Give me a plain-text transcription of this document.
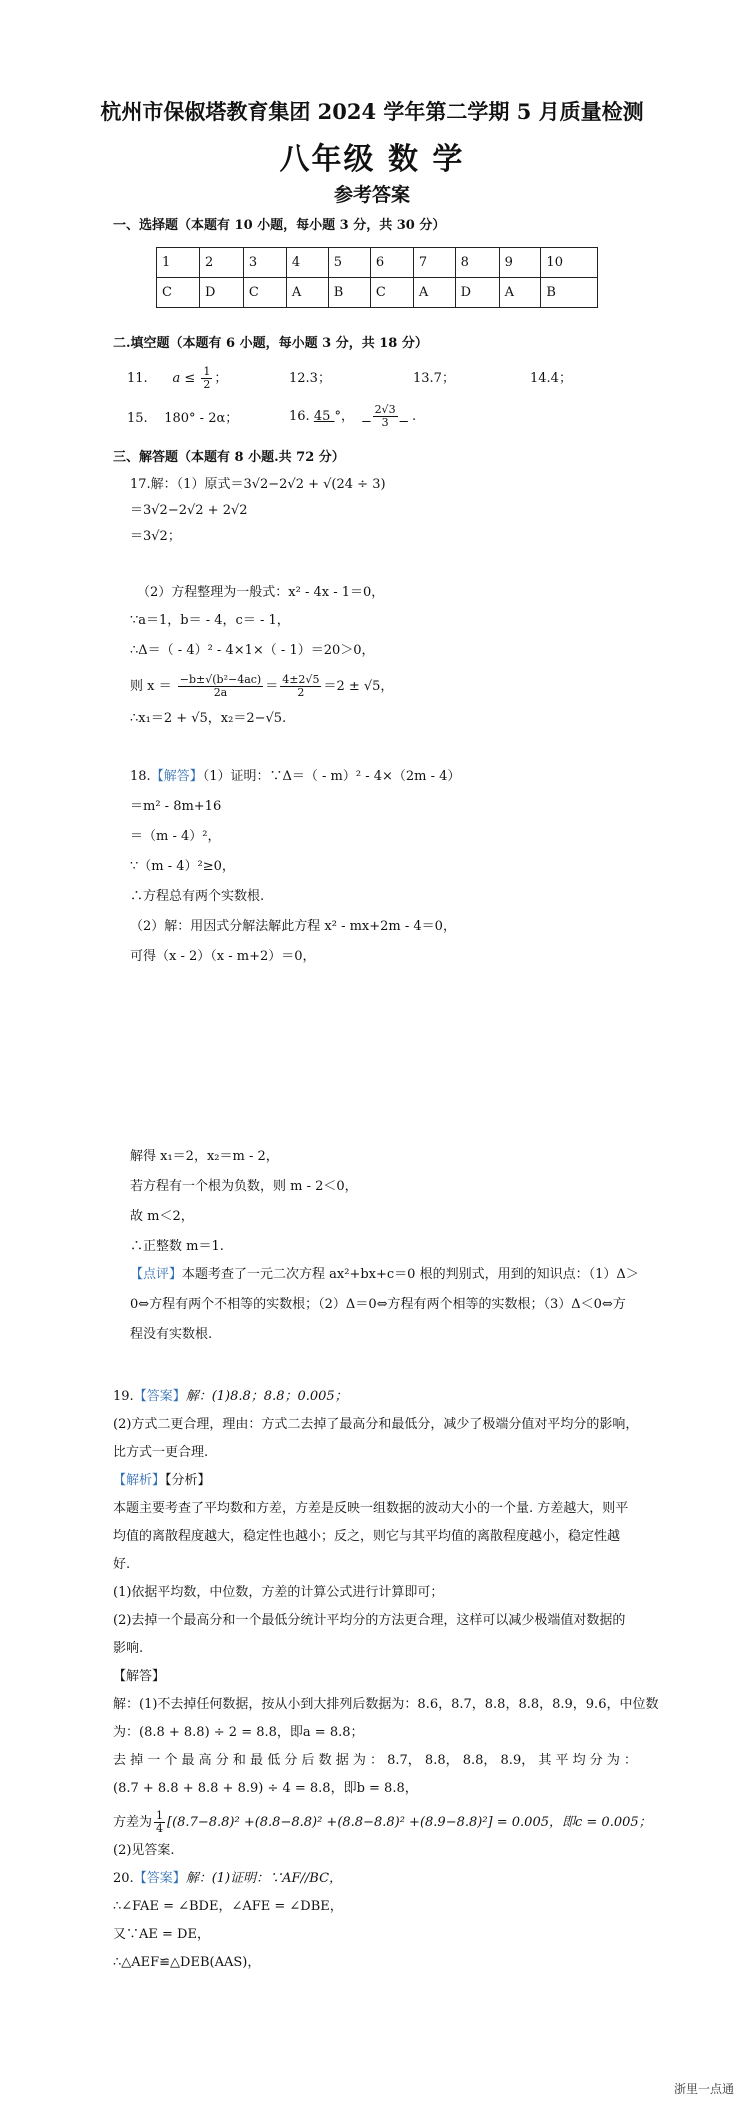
杭州市保俶塔教育集团 2024 学年第二学期 5 月质量检测
八年级 数 学
参考答案
一、选择题（本题有 10 小题，每小题 3 分，共 30 分）
1	2	3	4	5	6	7	8	9	10
C	D	C	A	B	C	A	D	A	B
二.填空题（本题有 6 小题，每小题 3 分，共 18 分）
11. $a \le \frac{1}{2}$ ；	12.3；	13.7；	14.4；
15. 180° - 2α；	16. 45 °， $\frac{2√3}{3}$ .
三、解答题（本题有 8 小题.共 72 分）
17.解：（1）原式＝3√2−2√2 + √(24 ÷ 3)
＝3√2−2√2 + 2√2
＝3√2；
（2）方程整理为一般式：x² - 4x - 1＝0，
∵a＝1，b＝ - 4，c＝ - 1，
∴Δ＝（ - 4）² - 4×1×（ - 1）＝20＞0，
则 $x = \frac{\text{−b±√(b²−4ac)}}{2a} = \frac{4\pm 2√5}{2} =2 \pm √5$，
∴x₁＝2 + √5，x₂＝2−√5.
18.【解答】（1）证明：∵Δ＝（ - m）² - 4×（2m - 4）
＝m² - 8m+16
＝（m - 4）²，
∵（m - 4）²≥0，
∴方程总有两个实数根.
（2）解：用因式分解法解此方程 x² - mx+2m - 4＝0，
可得（x - 2）（x - m+2）＝0，
解得 x₁＝2，x₂＝m - 2，
若方程有一个根为负数，则 m - 2＜0，
故 m＜2，
∴正整数 m＝1.
【点评】本题考查了一元二次方程 ax²+bx+c＝0 根的判别式，用到的知识点：（1）Δ＞
0⇔方程有两个不相等的实数根；（2）Δ＝0⇔方程有两个相等的实数根；（3）Δ＜0⇔方
程没有实数根.
19.【答案】解：(1)8.8；8.8；0.005；
(2)方式二更合理，理由：方式二去掉了最高分和最低分，减少了极端分值对平均分的影响，
比方式一更合理.
【解析】【分析】
本题主要考查了平均数和方差，方差是反映一组数据的波动大小的一个量. 方差越大，则平
均值的离散程度越大，稳定性也越小；反之，则它与其平均值的离散程度越小，稳定性越
好.
(1)依据平均数，中位数，方差的计算公式进行计算即可；
(2)去掉一个最高分和一个最低分统计平均分的方法更合理，这样可以减少极端值对数据的
影响.
【解答】
解：(1)不去掉任何数据，按从小到大排列后数据为：8.6，8.7，8.8，8.8，8.9，9.6，中位数
为：(8.8 + 8.8) ÷ 2 = 8.8，即a = 8.8；
去 掉 一 个 最 高 分 和 最 低 分 后 数 据 为 ： 8.7， 8.8， 8.8， 8.9， 其 平 均 分 为 ：
(8.7 + 8.8 + 8.8 + 8.9) ÷ 4 = 8.8，即b = 8.8，
方差为 $\frac{1}{4} [(8.7-8.8)^2 +(8.8-8.8)^2 +(8.8-8.8)^2 +(8.9-8.8)^2] = 0.005$，即c = 0.005；
(2)见答案.
20.【答案】解：(1)证明：∵AF//BC，
∴∠FAE = ∠BDE，∠AFE = ∠DBE，
又∵AE = DE，
∴△AEF≌△DEB(AAS)，
浙里一点通
